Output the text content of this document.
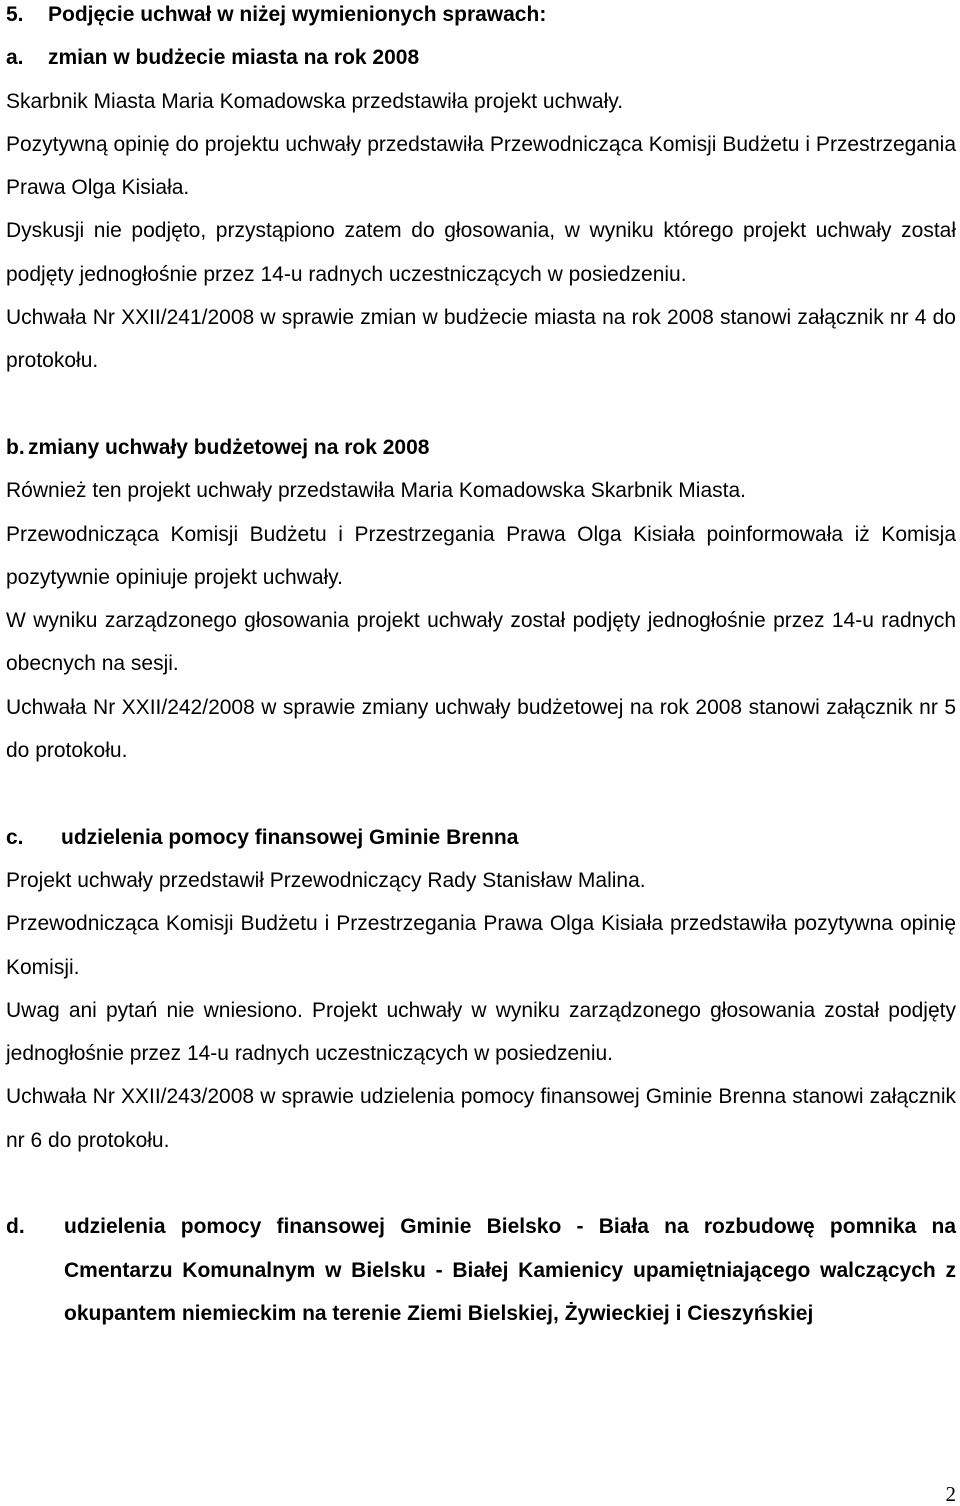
5.	Podjęcie uchwał w niżej wymienionych sprawach:

a.	zmian w budżecie miasta na rok 2008

Skarbnik Miasta Maria Komadowska przedstawiła projekt uchwały.

Pozytywną opinię do projektu uchwały przedstawiła Przewodnicząca Komisji Budżetu i Przestrzegania Prawa Olga Kisiała.

Dyskusji nie podjęto, przystąpiono zatem do głosowania, w wyniku którego projekt uchwały został podjęty jednogłośnie przez 14-u radnych uczestniczących w posiedzeniu.

Uchwała Nr XXII/241/2008 w sprawie zmian w budżecie miasta na rok 2008 stanowi załącznik nr 4 do protokołu.

b. zmiany uchwały budżetowej na rok 2008

Również ten projekt uchwały przedstawiła Maria Komadowska Skarbnik Miasta.

Przewodnicząca Komisji Budżetu i Przestrzegania Prawa Olga Kisiała poinformowała iż Komisja pozytywnie opiniuje projekt uchwały.

W wyniku zarządzonego głosowania projekt uchwały został podjęty jednogłośnie przez 14-u radnych obecnych na sesji.

Uchwała Nr XXII/242/2008 w sprawie zmiany uchwały budżetowej na rok 2008 stanowi załącznik nr 5 do protokołu.

c.	udzielenia pomocy finansowej Gminie Brenna

Projekt uchwały przedstawił Przewodniczący Rady Stanisław Malina.

Przewodnicząca Komisji Budżetu i Przestrzegania Prawa Olga Kisiała przedstawiła pozytywna opinię Komisji.

Uwag ani pytań nie wniesiono. Projekt uchwały w wyniku zarządzonego głosowania został podjęty jednogłośnie przez 14-u radnych uczestniczących w posiedzeniu.

Uchwała Nr XXII/243/2008 w sprawie udzielenia pomocy finansowej Gminie Brenna stanowi załącznik nr 6 do protokołu.

d.	udzielenia pomocy finansowej Gminie Bielsko - Biała na rozbudowę pomnika na Cmentarzu Komunalnym w Bielsku - Białej Kamienicy upamiętniającego walczących z okupantem niemieckim na terenie Ziemi Bielskiej, Żywieckiej i Cieszyńskiej

2
